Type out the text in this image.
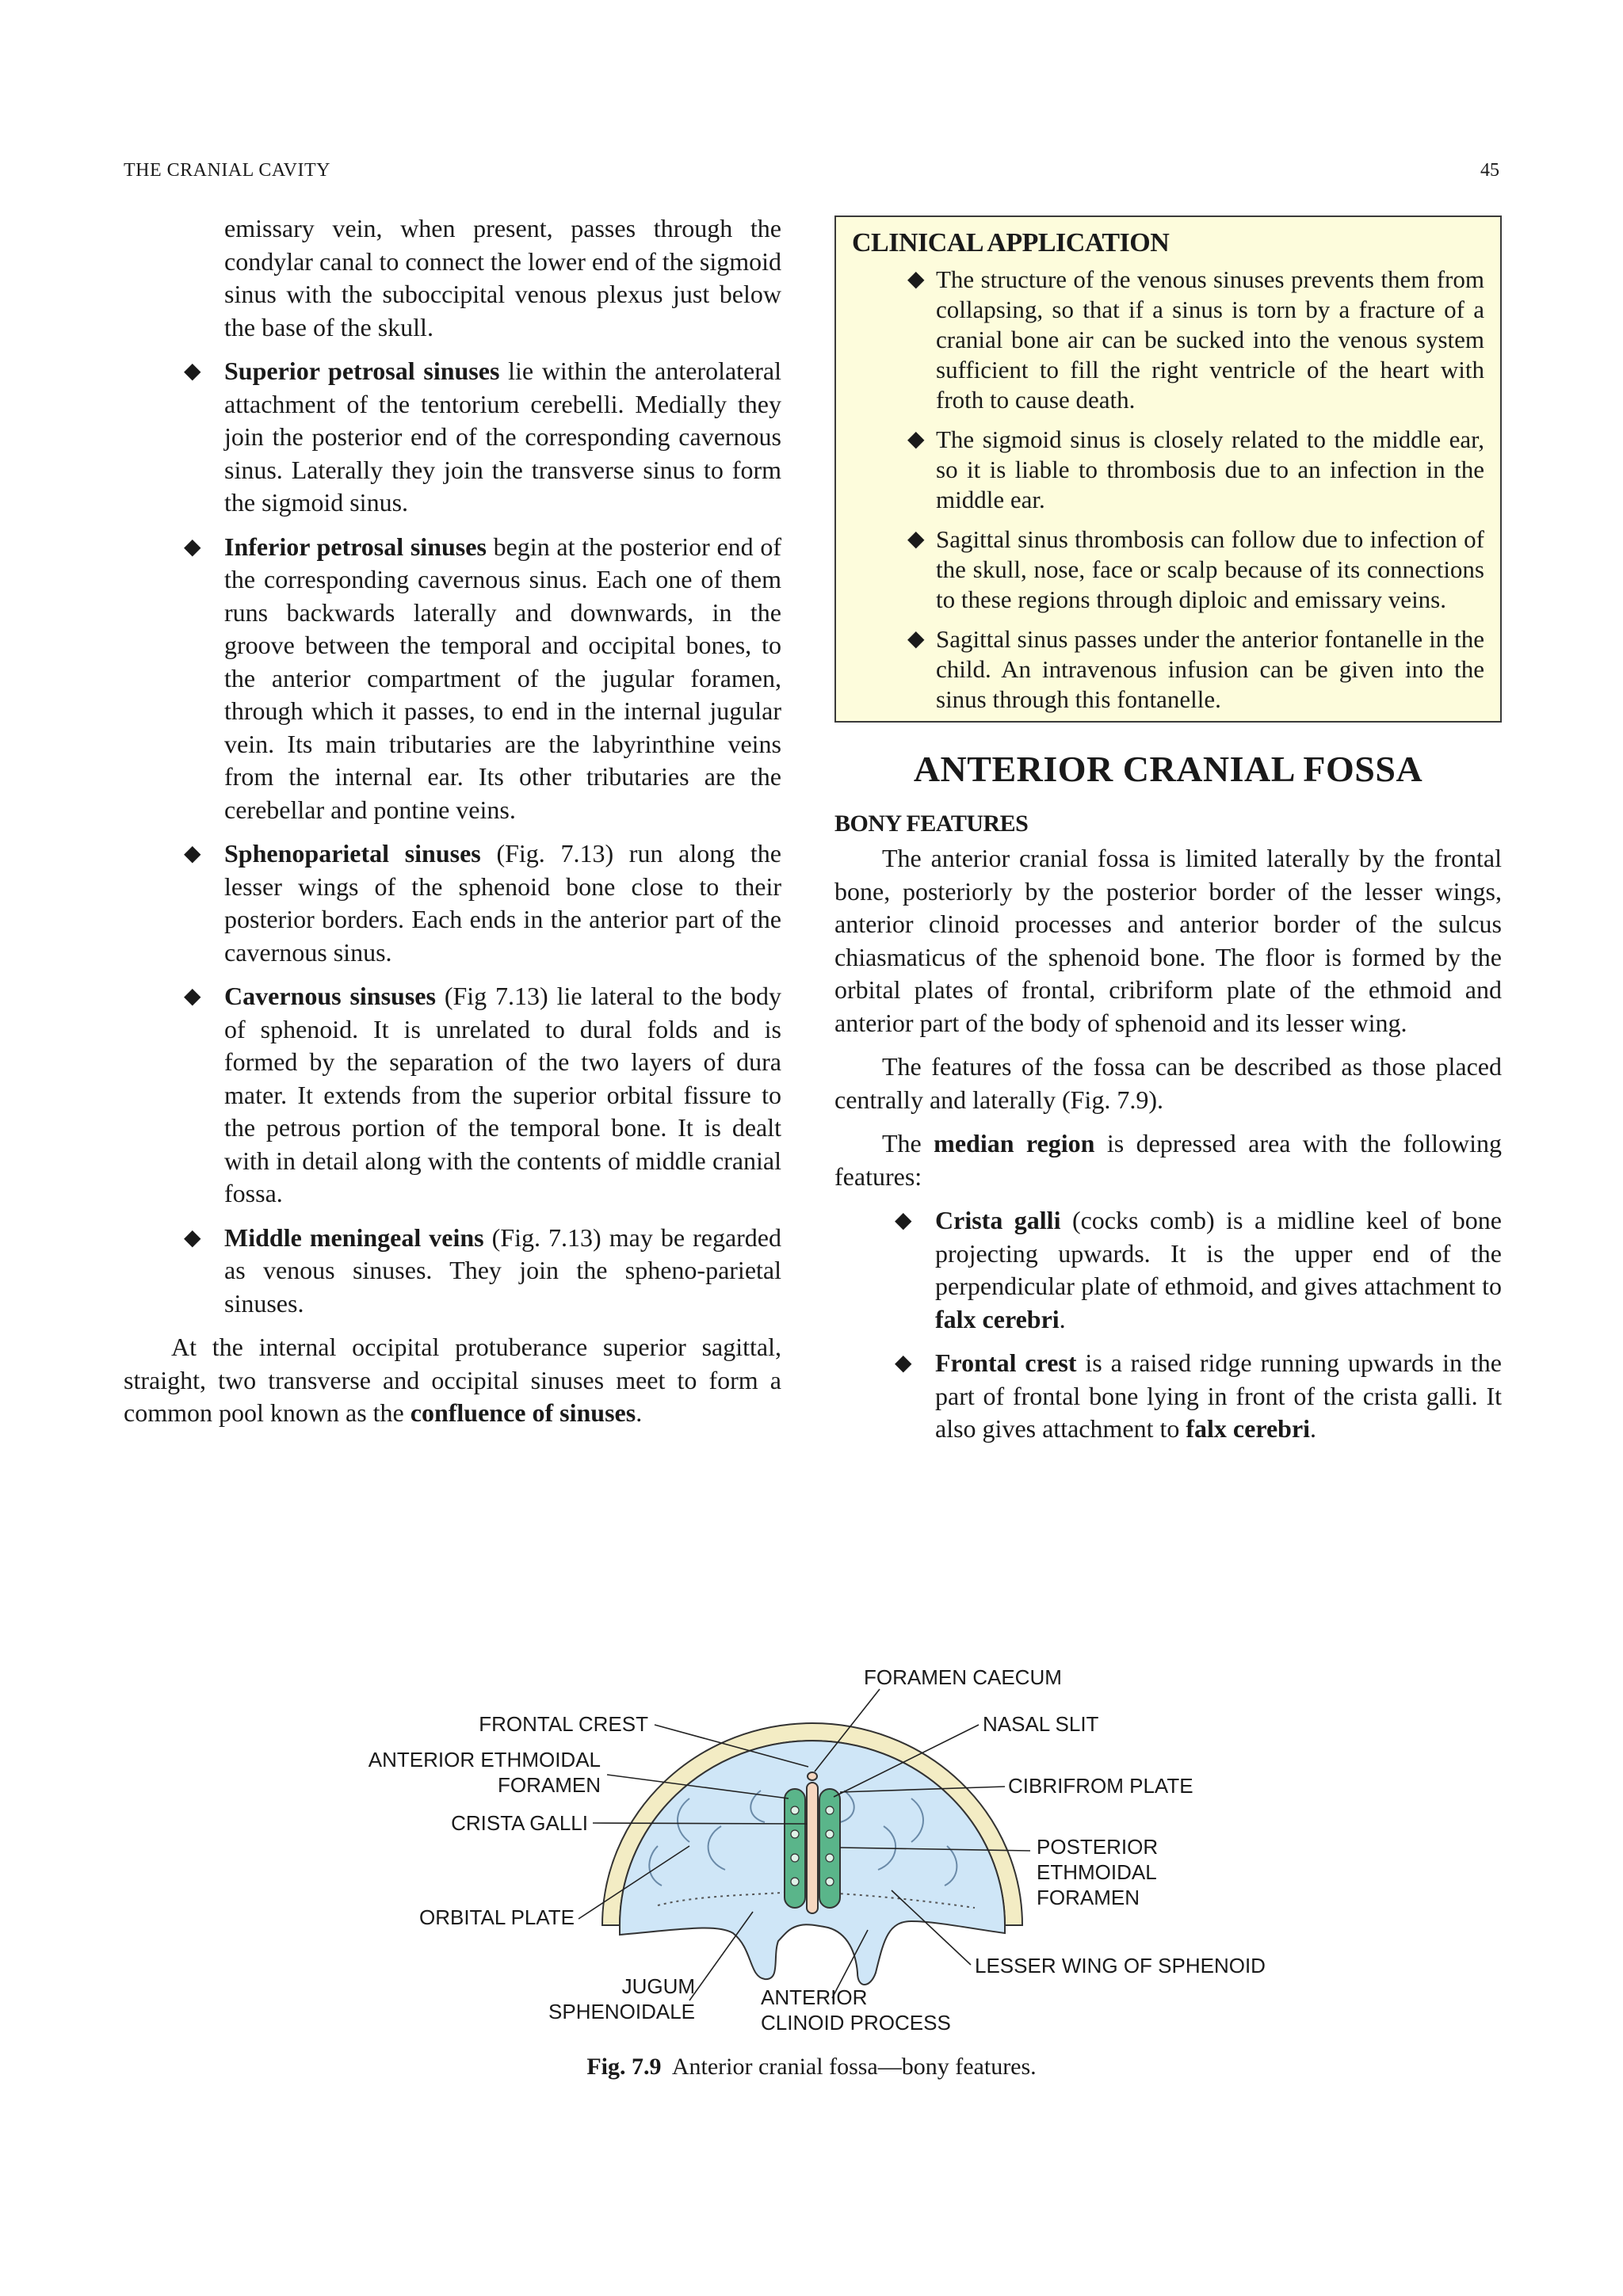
THE CRANIAL CAVITY	45

emissary vein, when present, passes through the condylar canal to connect the lower end of the sigmoid sinus with the suboccipital venous plexus just below the base of the skull.

◆ Superior petrosal sinuses lie within the anterolateral attachment of the tentorium cerebelli. Medially they join the posterior end of the corresponding cavernous sinus. Laterally they join the transverse sinus to form the sigmoid sinus.

◆ Inferior petrosal sinuses begin at the posterior end of the corresponding cavernous sinus. Each one of them runs backwards laterally and downwards, in the groove between the temporal and occipital bones, to the anterior compartment of the jugular foramen, through which it passes, to end in the internal jugular vein. Its main tributaries are the labyrinthine veins from the internal ear. Its other tributaries are the cerebellar and pontine veins.

◆ Sphenoparietal sinuses (Fig. 7.13) run along the lesser wings of the sphenoid bone close to their posterior borders. Each ends in the anterior part of the cavernous sinus.

◆ Cavernous sinsuses (Fig 7.13) lie lateral to the body of sphenoid. It is unrelated to dural folds and is formed by the separation of the two layers of dura mater. It extends from the superior orbital fissure to the petrous portion of the temporal bone. It is dealt with in detail along with the contents of middle cranial fossa.

◆ Middle meningeal veins (Fig. 7.13) may be regarded as venous sinuses. They join the spheno-parietal sinuses.

At the internal occipital protuberance superior sagittal, straight, two transverse and occipital sinuses meet to form a common pool known as the confluence of sinuses.

CLINICAL APPLICATION
◆ The structure of the venous sinuses prevents them from collapsing, so that if a sinus is torn by a fracture of a cranial bone air can be sucked into the venous system sufficient to fill the right ventricle of the heart with froth to cause death.

◆ The sigmoid sinus is closely related to the middle ear, so it is liable to thrombosis due to an infection in the middle ear.

◆ Sagittal sinus thrombosis can follow due to infection of the skull, nose, face or scalp because of its connections to these regions through diploic and emissary veins.

◆ Sagittal sinus passes under the anterior fontanelle in the child. An intravenous infusion can be given into the sinus through this fontanelle.

ANTERIOR CRANIAL FOSSA
BONY FEATURES

The anterior cranial fossa is limited laterally by the frontal bone, posteriorly by the posterior border of the lesser wings, anterior clinoid processes and anterior border of the sulcus chiasmaticus of the sphenoid bone. The floor is formed by the orbital plates of frontal, cribriform plate of the ethmoid and anterior part of the body of sphenoid and its lesser wing.

The features of the fossa can be described as those placed centrally and laterally (Fig. 7.9).

The median region is depressed area with the following features:

◆ Crista galli (cocks comb) is a midline keel of bone projecting upwards. It is the upper end of the perpendicular plate of ethmoid, and gives attachment to falx cerebri.

◆ Frontal crest is a raised ridge running upwards in the part of frontal bone lying in front of the crista galli. It also gives attachment to falx cerebri.

FORAMEN CAECUM
FRONTAL CREST	NASAL SLIT
ANTERIOR ETHMOIDAL
FORAMEN	CIBRIFROM PLATE
CRISTA GALLI
POSTERIOR
ETHMOIDAL
FORAMEN
ORBITAL PLATE
LESSER WING OF SPHENOID
JUGUM
SPHENOIDALE
ANTERIOR
CLINOID PROCESS
Fig. 7.9 Anterior cranial fossa—bony features.
